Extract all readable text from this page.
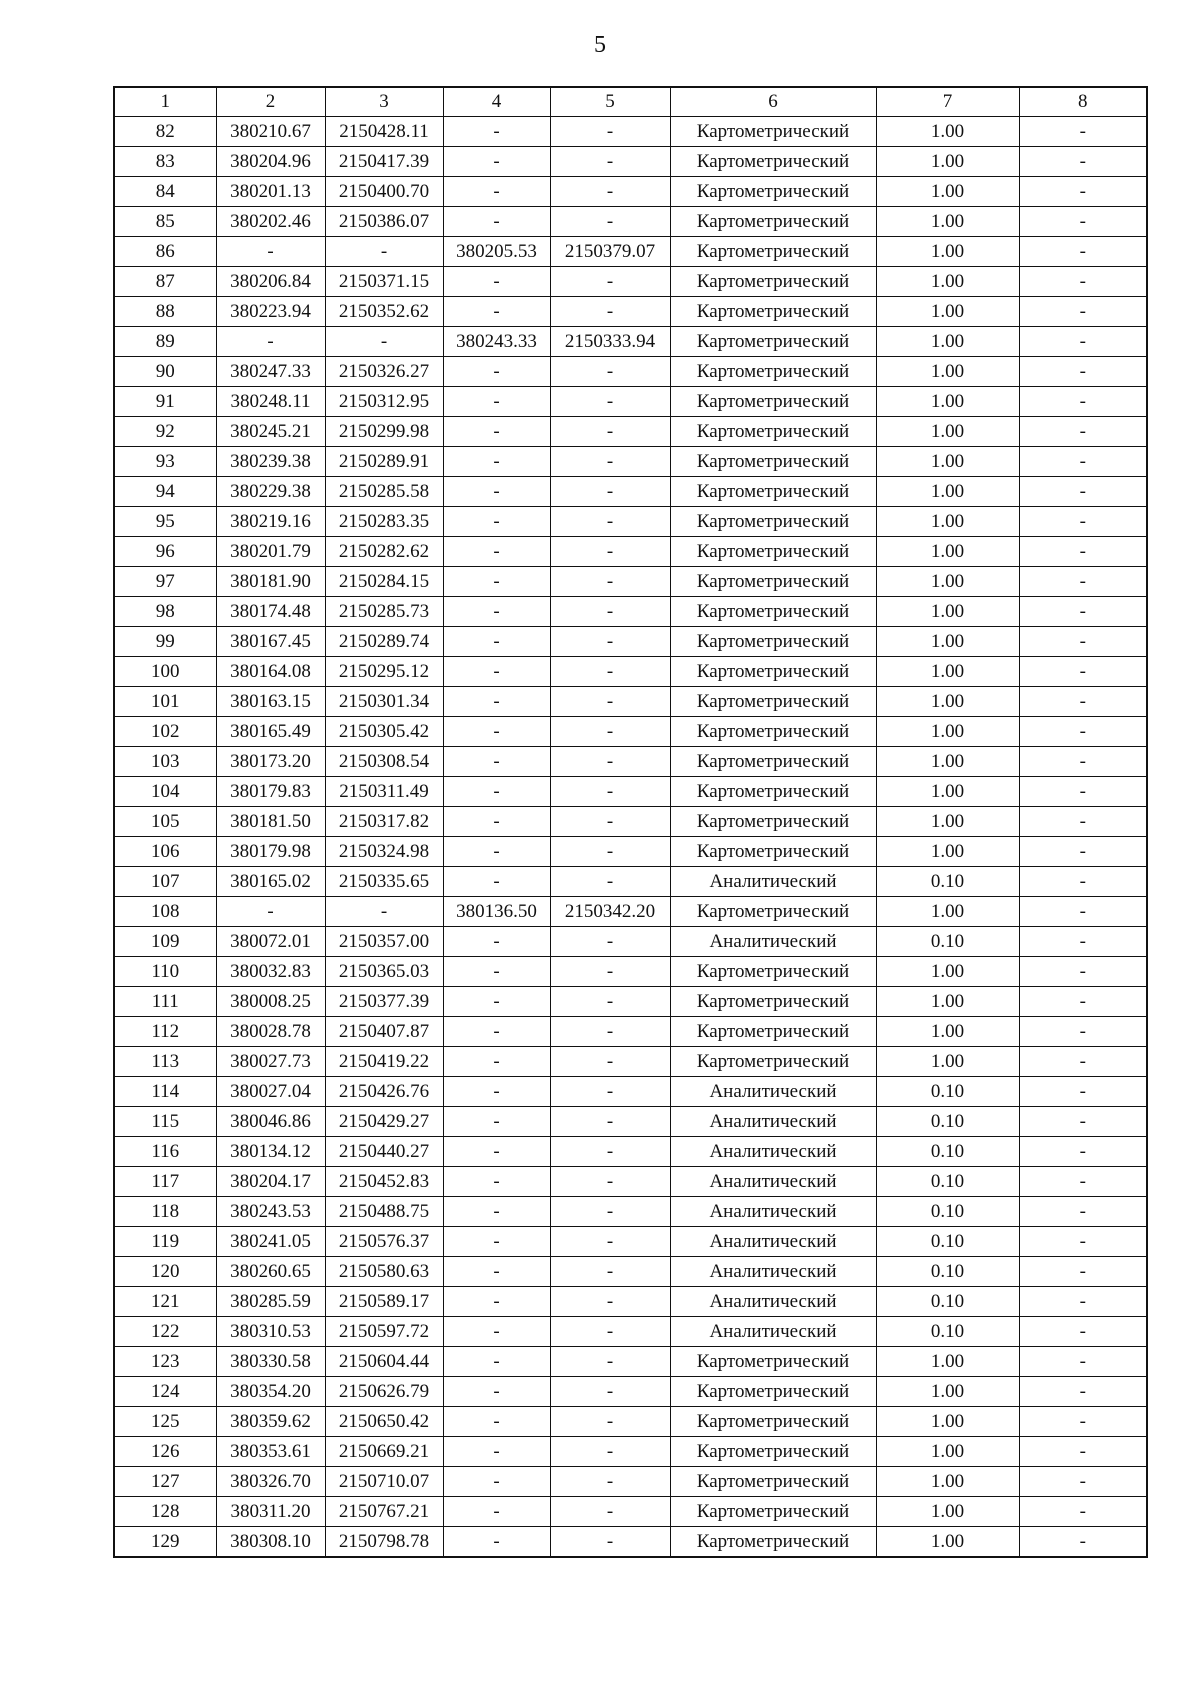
5
1	2	3	4	5	6	7	8
82	380210.67	2150428.11	-	-	Картометрический	1.00	-
83	380204.96	2150417.39	-	-	Картометрический	1.00	-
84	380201.13	2150400.70	-	-	Картометрический	1.00	-
85	380202.46	2150386.07	-	-	Картометрический	1.00	-
86	-	-	380205.53	2150379.07	Картометрический	1.00	-
87	380206.84	2150371.15	-	-	Картометрический	1.00	-
88	380223.94	2150352.62	-	-	Картометрический	1.00	-
89	-	-	380243.33	2150333.94	Картометрический	1.00	-
90	380247.33	2150326.27	-	-	Картометрический	1.00	-
91	380248.11	2150312.95	-	-	Картометрический	1.00	-
92	380245.21	2150299.98	-	-	Картометрический	1.00	-
93	380239.38	2150289.91	-	-	Картометрический	1.00	-
94	380229.38	2150285.58	-	-	Картометрический	1.00	-
95	380219.16	2150283.35	-	-	Картометрический	1.00	-
96	380201.79	2150282.62	-	-	Картометрический	1.00	-
97	380181.90	2150284.15	-	-	Картометрический	1.00	-
98	380174.48	2150285.73	-	-	Картометрический	1.00	-
99	380167.45	2150289.74	-	-	Картометрический	1.00	-
100	380164.08	2150295.12	-	-	Картометрический	1.00	-
101	380163.15	2150301.34	-	-	Картометрический	1.00	-
102	380165.49	2150305.42	-	-	Картометрический	1.00	-
103	380173.20	2150308.54	-	-	Картометрический	1.00	-
104	380179.83	2150311.49	-	-	Картометрический	1.00	-
105	380181.50	2150317.82	-	-	Картометрический	1.00	-
106	380179.98	2150324.98	-	-	Картометрический	1.00	-
107	380165.02	2150335.65	-	-	Аналитический	0.10	-
108	-	-	380136.50	2150342.20	Картометрический	1.00	-
109	380072.01	2150357.00	-	-	Аналитический	0.10	-
110	380032.83	2150365.03	-	-	Картометрический	1.00	-
111	380008.25	2150377.39	-	-	Картометрический	1.00	-
112	380028.78	2150407.87	-	-	Картометрический	1.00	-
113	380027.73	2150419.22	-	-	Картометрический	1.00	-
114	380027.04	2150426.76	-	-	Аналитический	0.10	-
115	380046.86	2150429.27	-	-	Аналитический	0.10	-
116	380134.12	2150440.27	-	-	Аналитический	0.10	-
117	380204.17	2150452.83	-	-	Аналитический	0.10	-
118	380243.53	2150488.75	-	-	Аналитический	0.10	-
119	380241.05	2150576.37	-	-	Аналитический	0.10	-
120	380260.65	2150580.63	-	-	Аналитический	0.10	-
121	380285.59	2150589.17	-	-	Аналитический	0.10	-
122	380310.53	2150597.72	-	-	Аналитический	0.10	-
123	380330.58	2150604.44	-	-	Картометрический	1.00	-
124	380354.20	2150626.79	-	-	Картометрический	1.00	-
125	380359.62	2150650.42	-	-	Картометрический	1.00	-
126	380353.61	2150669.21	-	-	Картометрический	1.00	-
127	380326.70	2150710.07	-	-	Картометрический	1.00	-
128	380311.20	2150767.21	-	-	Картометрический	1.00	-
129	380308.10	2150798.78	-	-	Картометрический	1.00	-
